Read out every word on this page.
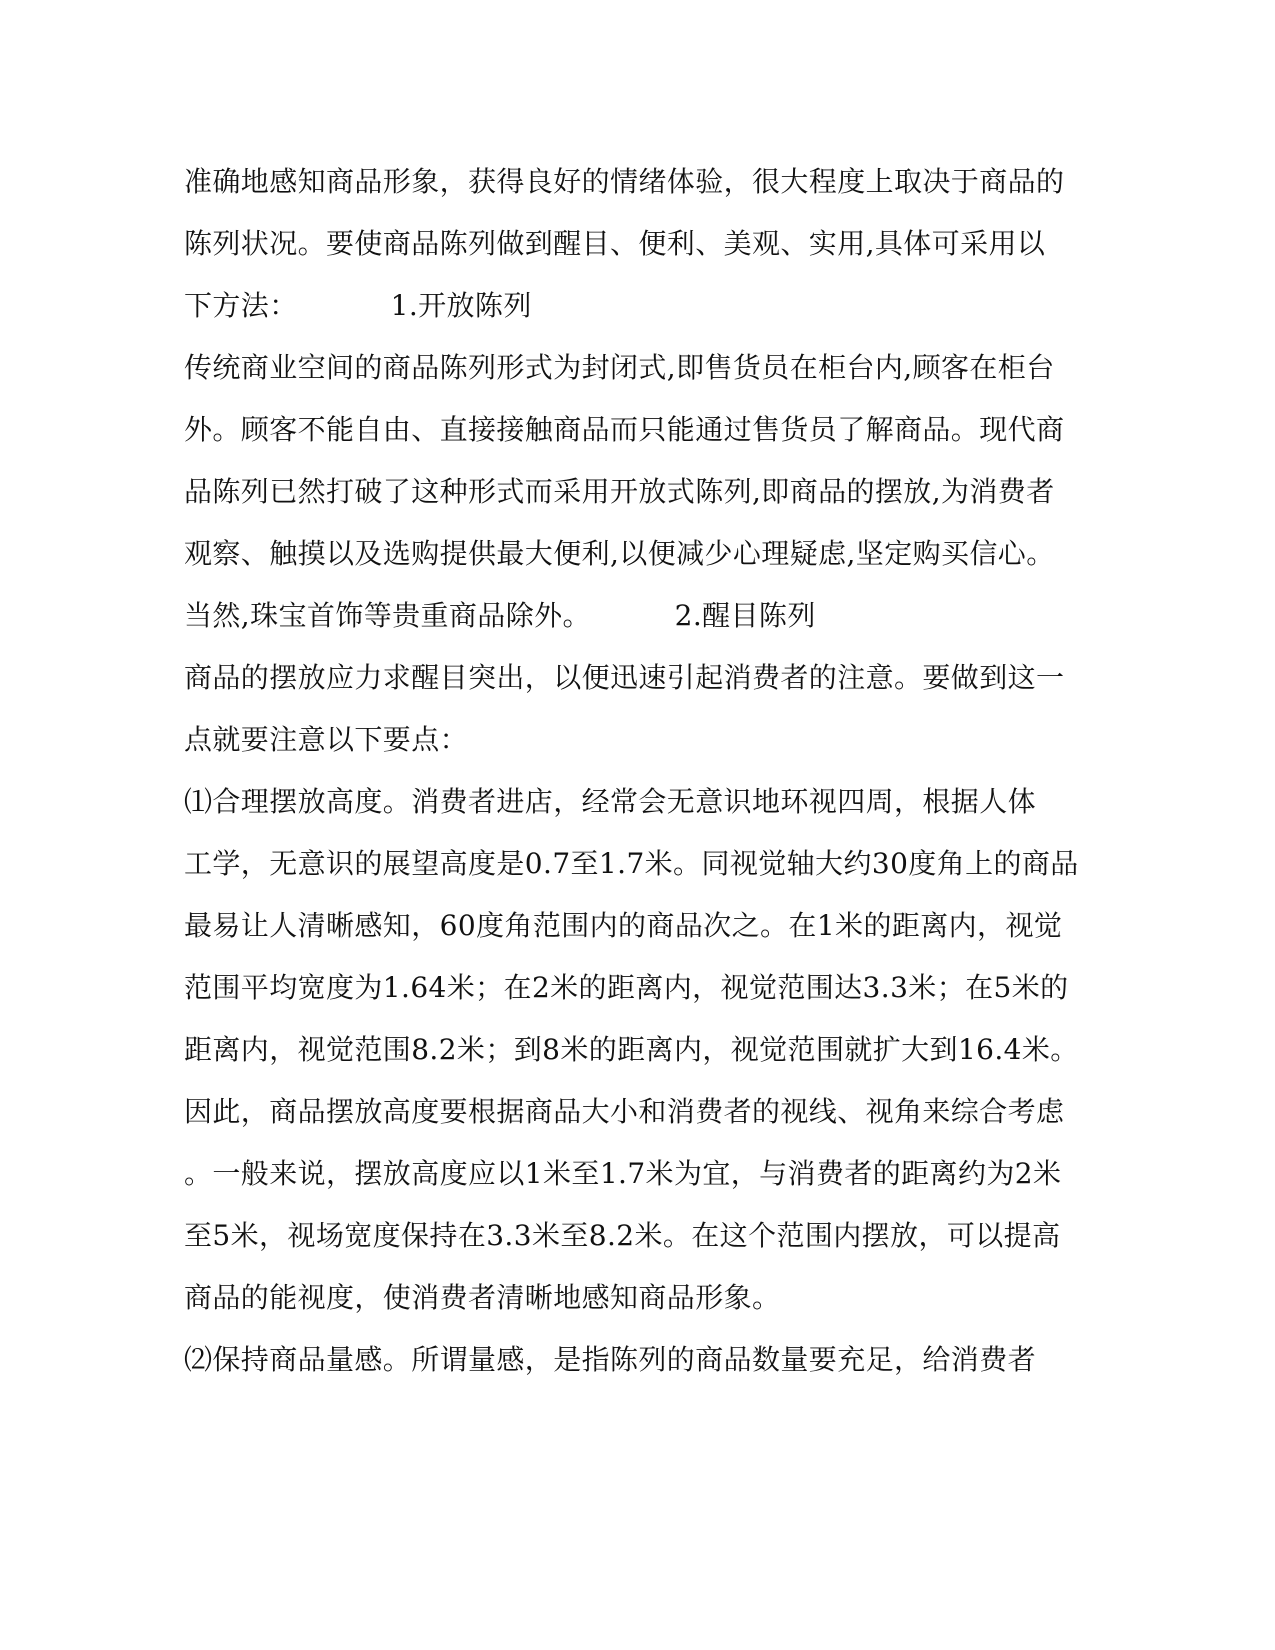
准确地感知商品形象，获得良好的情绪体验，很大程度上取决于商品的
陈列状况。要使商品陈列做到醒目、便利、美观、实用,具体可采用以
下方法：          1.开放陈列
传统商业空间的商品陈列形式为封闭式,即售货员在柜台内,顾客在柜台
外。顾客不能自由、直接接触商品而只能通过售货员了解商品。现代商
品陈列已然打破了这种形式而采用开放式陈列,即商品的摆放,为消费者
观察、触摸以及选购提供最大便利,以便减少心理疑虑,坚定购买信心。
当然,珠宝首饰等贵重商品除外。         2.醒目陈列
商品的摆放应力求醒目突出，以便迅速引起消费者的注意。要做到这一
点就要注意以下要点：
⑴合理摆放高度。消费者进店，经常会无意识地环视四周，根据人体
工学，无意识的展望高度是0.7至1.7米。同视觉轴大约30度角上的商品
最易让人清晰感知，60度角范围内的商品次之。在1米的距离内，视觉
范围平均宽度为1.64米；在2米的距离内，视觉范围达3.3米；在5米的
距离内，视觉范围8.2米；到8米的距离内，视觉范围就扩大到16.4米。
因此，商品摆放高度要根据商品大小和消费者的视线、视角来综合考虑
。一般来说，摆放高度应以1米至1.7米为宜，与消费者的距离约为2米
至5米，视场宽度保持在3.3米至8.2米。在这个范围内摆放，可以提高
商品的能视度，使消费者清晰地感知商品形象。
⑵保持商品量感。所谓量感，是指陈列的商品数量要充足，给消费者
